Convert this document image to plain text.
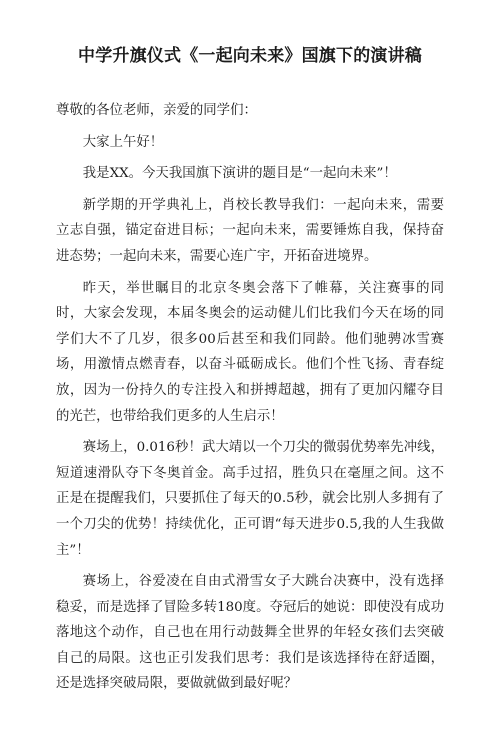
中学升旗仪式《一起向未来》国旗下的演讲稿

尊敬的各位老师，亲爱的同学们：

大家上午好！

我是XX。今天我国旗下演讲的题目是“一起向未来”！

新学期的开学典礼上，肖校长教导我们：一起向未来，需要立志自强，锚定奋进目标；一起向未来，需要锤炼自我，保持奋进态势；一起向未来，需要心连广宇，开拓奋进境界。

昨天，举世瞩目的北京冬奥会落下了帷幕，关注赛事的同时，大家会发现，本届冬奥会的运动健儿们比我们今天在场的同学们大不了几岁，很多00后甚至和我们同龄。他们驰骋冰雪赛场，用激情点燃青春，以奋斗砥砺成长。他们个性飞扬、青春绽放，因为一份持久的专注投入和拼搏超越，拥有了更加闪耀夺目的光芒，也带给我们更多的人生启示！

赛场上，0.016秒！武大靖以一个刀尖的微弱优势率先冲线，短道速滑队夺下冬奥首金。高手过招，胜负只在毫厘之间。这不正是在提醒我们，只要抓住了每天的0.5秒，就会比别人多拥有了一个刀尖的优势！持续优化，正可谓“每天进步0.5,我的人生我做主”！

赛场上，谷爱凌在自由式滑雪女子大跳台决赛中，没有选择稳妥，而是选择了冒险多转180度。夺冠后的她说：即使没有成功落地这个动作，自己也在用行动鼓舞全世界的年轻女孩们去突破自己的局限。这也正引发我们思考：我们是该选择待在舒适圈，还是选择突破局限，要做就做到最好呢？
